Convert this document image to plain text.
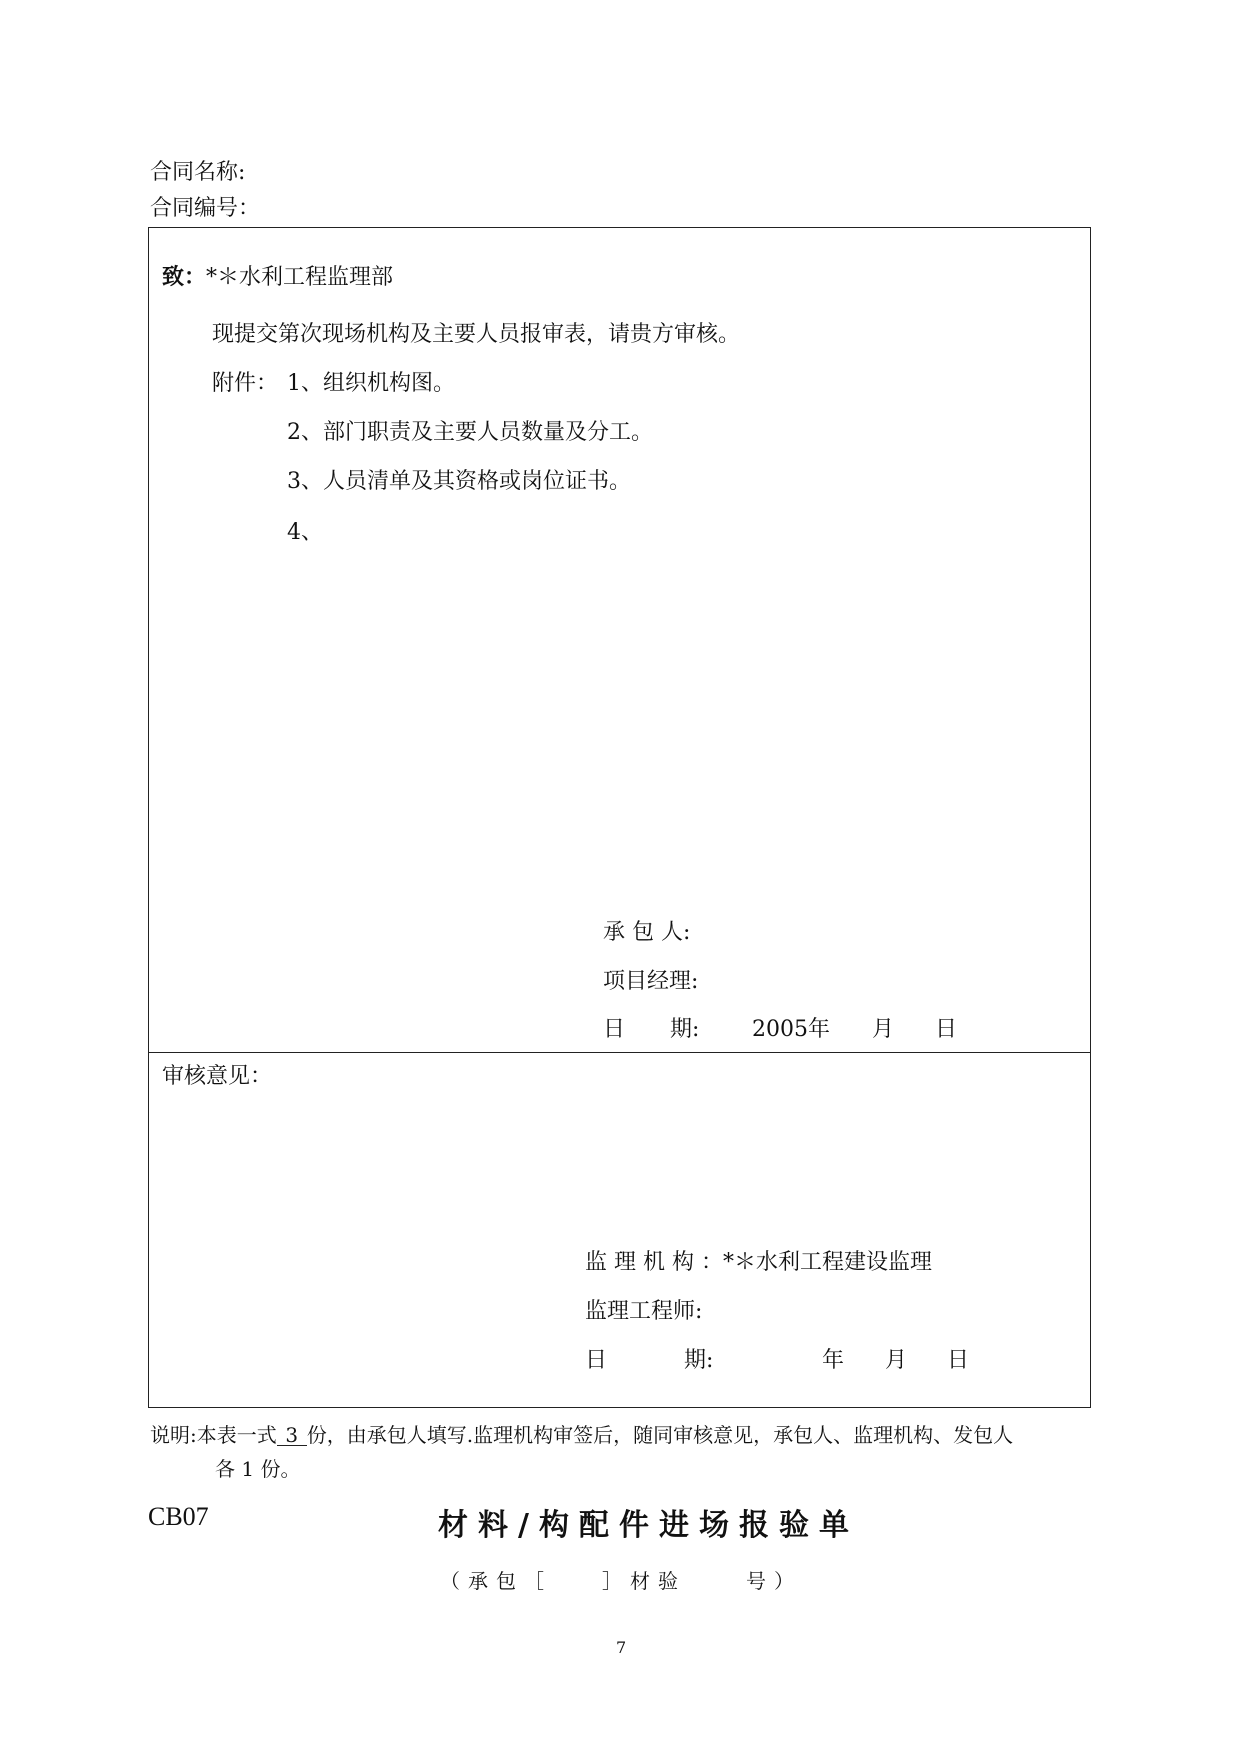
合同名称:
合同编号：
致：*＊水利工程监理部
现提交第次现场机构及主要人员报审表，请贵方审核。
附件： 1、组织机构图。
2、部门职责及主要人员数量及分工。
3、人员清单及其资格或岗位证书。
4、
承 包 人:
项目经理:
日 期: 2005 年 月 日
审核意见：
监 理 机 构 ：*＊水利工程建设监理
监理工程师:
日	期:	年 月 日
说明:本表一式 3 份，由承包人填写.监理机构审签后，随同审核意见，承包人、监理机构、发包人
各 1 份。
CB07	材料/构配件进场报验单
（承包［	］材验	号）
7
